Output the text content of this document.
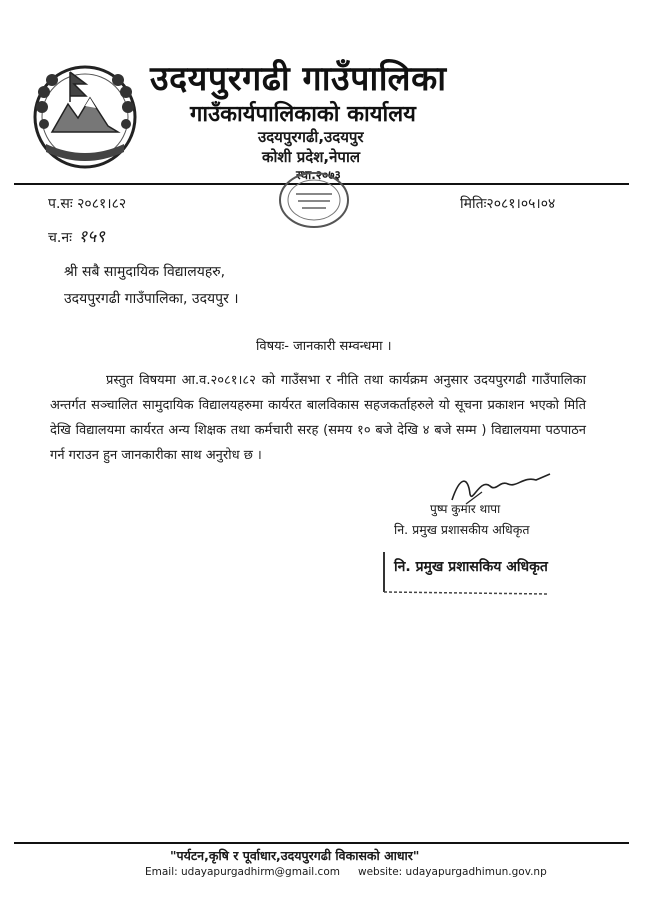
उदयपुरगढी गाउँपालिका
गाउँकार्यपालिकाको कार्यालय
उदयपुरगढी,उदयपुर
कोशी प्रदेश,नेपाल
स्था.२०७३
प.सः २०८१।८२	मितिः२०८१।०५।०४
च.नः १५९
श्री सबै सामुदायिक विद्यालयहरु,
उदयपुरगढी गाउँपालिका, उदयपुर ।
विषयः- जानकारी सम्वन्धमा ।
प्रस्तुत विषयमा आ.व.२०८१।८२ को गाउँसभा र नीति तथा कार्यक्रम अनुसार उदयपुरगढी गाउँपालिका अन्तर्गत सञ्चालित सामुदायिक विद्यालयहरुमा कार्यरत बालविकास सहजकर्ताहरुले यो सूचना प्रकाशन भएको मिति देखि विद्यालयमा कार्यरत अन्य शिक्षक तथा कर्मचारी सरह (समय १० बजे देखि ४ बजे सम्म ) विद्यालयमा पठपाठन गर्न गराउन हुन जानकारीका साथ अनुरोध छ ।
पुष्प कुमार थापा
नि. प्रमुख प्रशासकीय अधिकृत
नि. प्रमुख प्रशासकिय अधिकृत
"पर्यटन,कृषि र पूर्वाधार,उदयपुरगढी विकासको आधार"
Email: udayapurgadhirm@gmail.com website: udayapurgadhimun.gov.np
